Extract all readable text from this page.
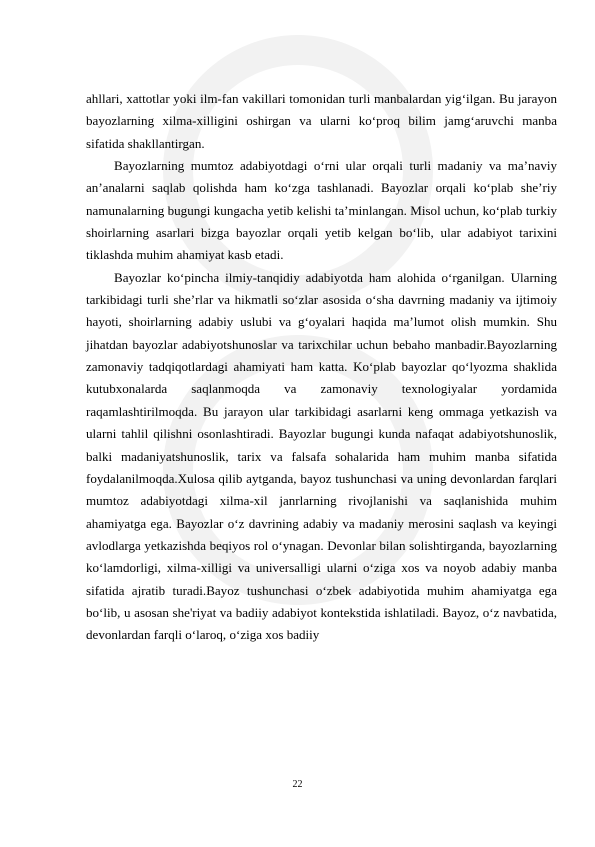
ahllari, xattotlar yoki ilm-fan vakillari tomonidan turli manbalardan yig‘ilgan. Bu jarayon bayozlarning xilma-xilligini oshirgan va ularni ko‘proq bilim jamg‘aruvchi manba sifatida shakllantirgan.

Bayozlarning mumtoz adabiyotdagi o‘rni ular orqali turli madaniy va ma’naviy an’analarni saqlab qolishda ham ko‘zga tashlanadi. Bayozlar orqali ko‘plab she’riy namunalarning bugungi kungacha yetib kelishi ta’minlangan. Misol uchun, ko‘plab turkiy shoirlarning asarlari bizga bayozlar orqali yetib kelgan bo‘lib, ular adabiyot tarixini tiklashda muhim ahamiyat kasb etadi.

Bayozlar ko‘pincha ilmiy-tanqidiy adabiyotda ham alohida o‘rganilgan. Ularning tarkibidagi turli she’rlar va hikmatli so‘zlar asosida o‘sha davrning madaniy va ijtimoiy hayoti, shoirlarning adabiy uslubi va g‘oyalari haqida ma’lumot olish mumkin. Shu jihatdan bayozlar adabiyotshunoslar va tarixchilar uchun bebaho manbadir.Bayozlarning zamonaviy tadqiqotlardagi ahamiyati ham katta. Ko‘plab bayozlar qo‘lyozma shaklida kutubxonalarda saqlanmoqda va zamonaviy texnologiyalar yordamida raqamlashtirilmoqda. Bu jarayon ular tarkibidagi asarlarni keng ommaga yetkazish va ularni tahlil qilishni osonlashtiradi. Bayozlar bugungi kunda nafaqat adabiyotshunoslik, balki madaniyatshunoslik, tarix va falsafa sohalarida ham muhim manba sifatida foydalanilmoqda.Xulosa qilib aytganda, bayoz tushunchasi va uning devonlardan farqlari mumtoz adabiyotdagi xilma-xil janrlarning rivojlanishi va saqlanishida muhim ahamiyatga ega. Bayozlar o‘z davrining adabiy va madaniy merosini saqlash va keyingi avlodlarga yetkazishda beqiyos rol o‘ynagan. Devonlar bilan solishtirganda, bayozlarning ko‘lamdorligi, xilma-xilligi va universalligi ularni o‘ziga xos va noyob adabiy manba sifatida ajratib turadi.Bayoz tushunchasi o‘zbek adabiyotida muhim ahamiyatga ega bo‘lib, u asosan she'riyat va badiiy adabiyot kontekstida ishlatiladi. Bayoz, o‘z navbatida, devonlardan farqli o‘laroq, o‘ziga xos badiiy

22
